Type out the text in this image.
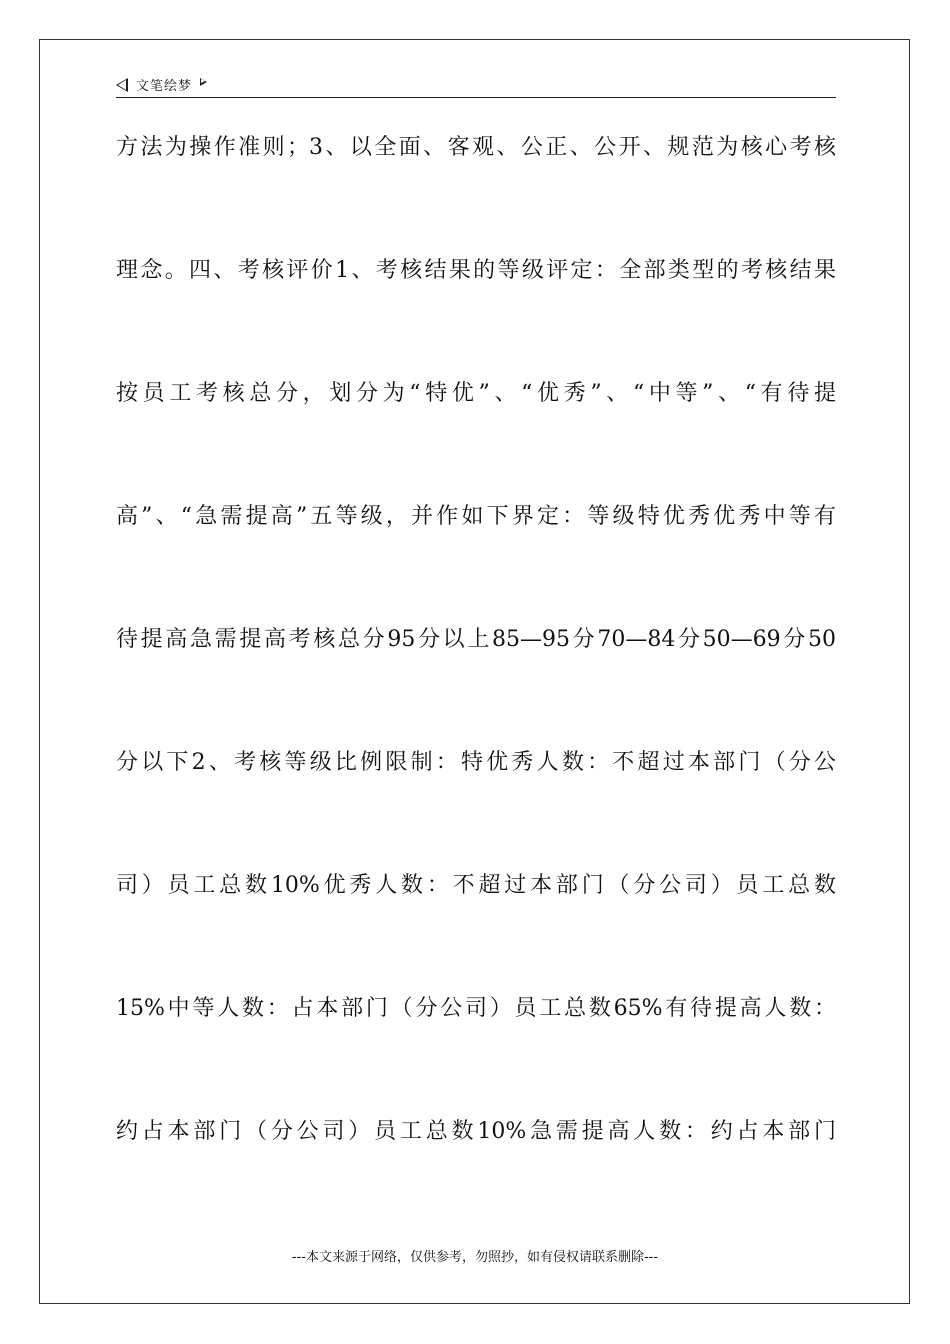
文笔绘梦
方法为操作准则；3、以全面、客观、公正、公开、规范为核心考核
理念。四、考核评价1、考核结果的等级评定：全部类型的考核结果
按员工考核总分，划分为“特优”、“优秀”、“中等”、“有待提
高”、“急需提高”五等级，并作如下界定：等级特优秀优秀中等有
待提高急需提高考核总分95分以上85—95分70—84分50—69分50
分以下2、考核等级比例限制：特优秀人数：不超过本部门（分公
司）员工总数10%优秀人数：不超过本部门（分公司）员工总数
15%中等人数：占本部门（分公司）员工总数65%有待提高人数：
约占本部门（分公司）员工总数10%急需提高人数：约占本部门
---本文来源于网络，仅供参考，勿照抄，如有侵权请联系删除---
